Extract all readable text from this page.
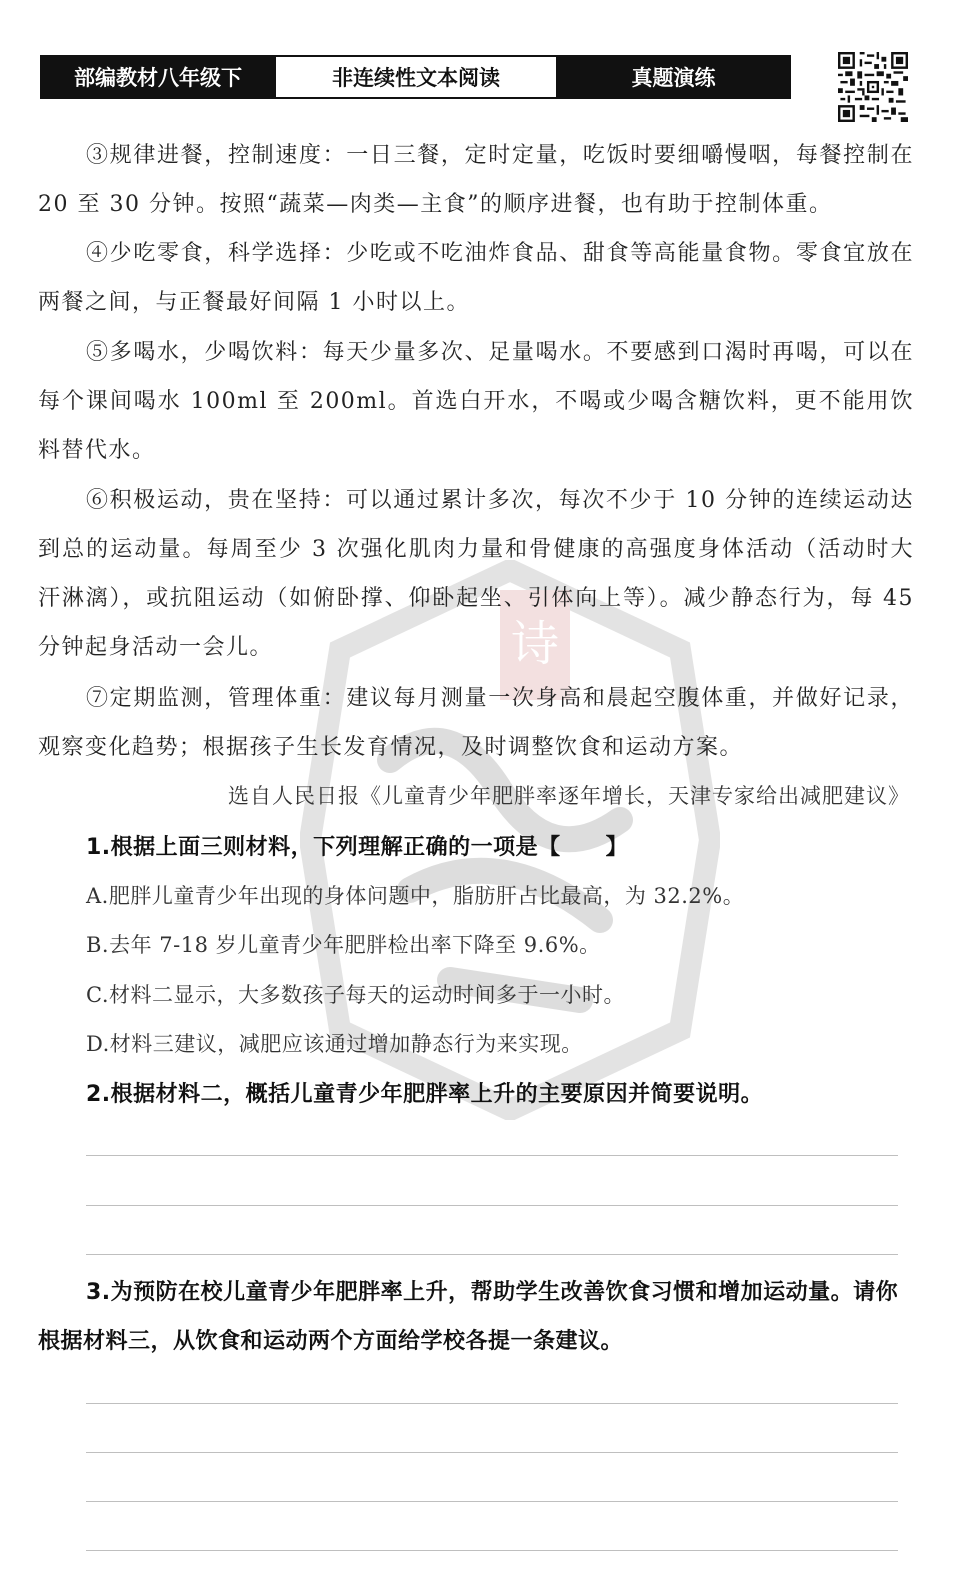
部编教材八年级下	非连续性文本阅读	真题演练
诗

③规律进餐，控制速度：一日三餐，定时定量，吃饭时要细嚼慢咽，每餐控制在 20 至 30 分钟。按照“蔬菜—肉类—主食”的顺序进餐，也有助于控制体重。

④少吃零食，科学选择：少吃或不吃油炸食品、甜食等高能量食物。零食宜放在两餐之间，与正餐最好间隔 1 小时以上。

⑤多喝水，少喝饮料：每天少量多次、足量喝水。不要感到口渴时再喝，可以在每个课间喝水 100ml 至 200ml。首选白开水，不喝或少喝含糖饮料，更不能用饮料替代水。

⑥积极运动，贵在坚持：可以通过累计多次，每次不少于 10 分钟的连续运动达到总的运动量。每周至少 3 次强化肌肉力量和骨健康的高强度身体活动（活动时大汗淋漓），或抗阻运动（如俯卧撑、仰卧起坐、引体向上等）。减少静态行为，每 45 分钟起身活动一会儿。

⑦定期监测，管理体重：建议每月测量一次身高和晨起空腹体重，并做好记录，观察变化趋势；根据孩子生长发育情况，及时调整饮食和运动方案。

选自人民日报《儿童青少年肥胖率逐年增长，天津专家给出减肥建议》
1.根据上面三则材料，下列理解正确的一项是【　　】
A.肥胖儿童青少年出现的身体问题中，脂肪肝占比最高，为 32.2%。
B.去年 7-18 岁儿童青少年肥胖检出率下降至 9.6%。
C.材料二显示，大多数孩子每天的运动时间多于一小时。
D.材料三建议，减肥应该通过增加静态行为来实现。
2.根据材料二，概括儿童青少年肥胖率上升的主要原因并简要说明。
3.为预防在校儿童青少年肥胖率上升，帮助学生改善饮食习惯和增加运动量。请你根据材料三，从饮食和运动两个方面给学校各提一条建议。
